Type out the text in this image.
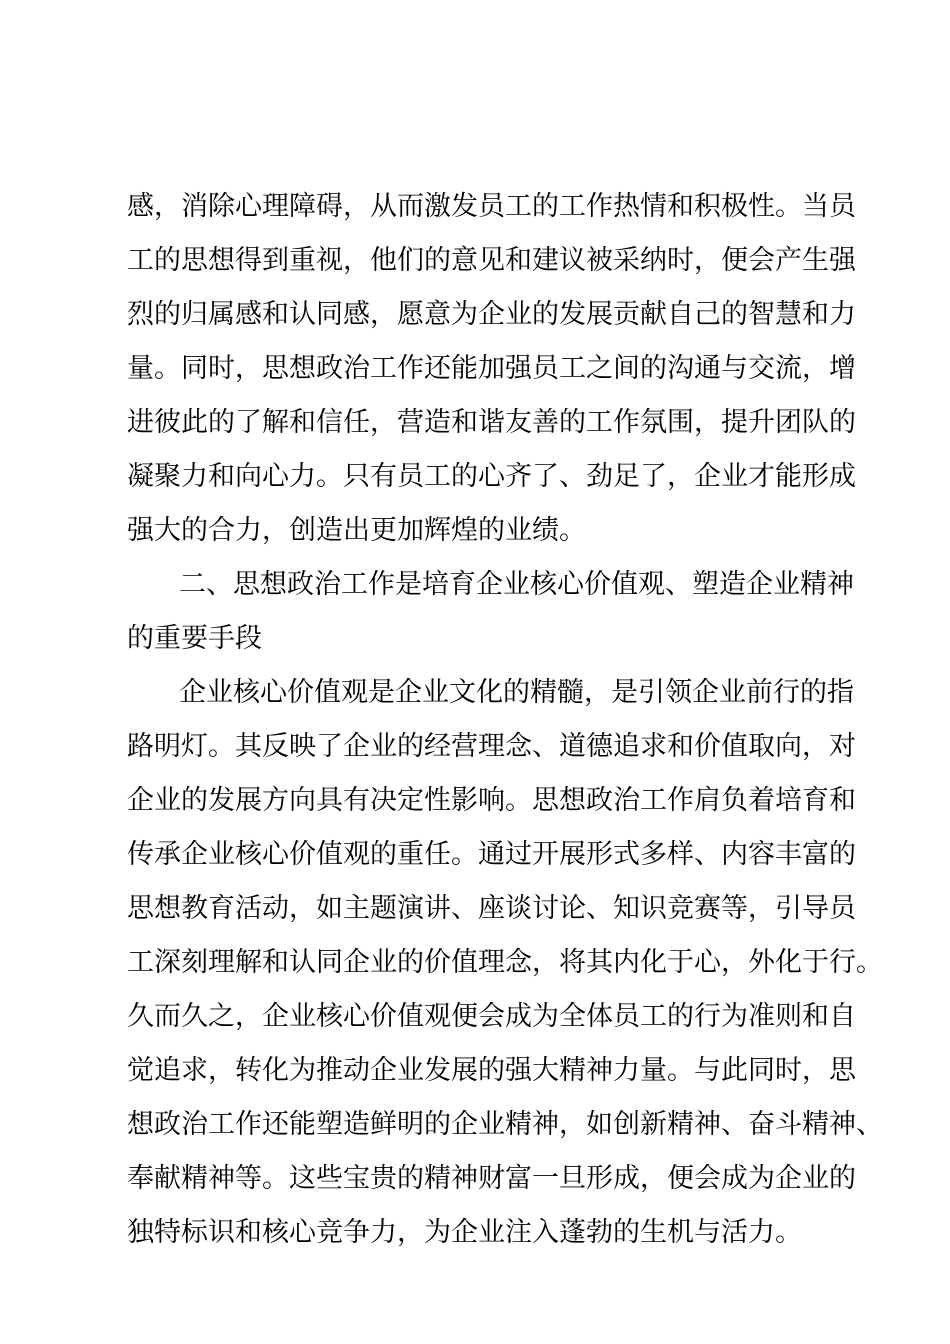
感，消除心理障碍，从而激发员工的工作热情和积极性。当员
工的思想得到重视，他们的意见和建议被采纳时，便会产生强
烈的归属感和认同感，愿意为企业的发展贡献自己的智慧和力
量。同时，思想政治工作还能加强员工之间的沟通与交流，增
进彼此的了解和信任，营造和谐友善的工作氛围，提升团队的
凝聚力和向心力。只有员工的心齐了、劲足了，企业才能形成
强大的合力，创造出更加辉煌的业绩。
二、思想政治工作是培育企业核心价值观、塑造企业精神
的重要手段
企业核心价值观是企业文化的精髓，是引领企业前行的指
路明灯。其反映了企业的经营理念、道德追求和价值取向，对
企业的发展方向具有决定性影响。思想政治工作肩负着培育和
传承企业核心价值观的重任。通过开展形式多样、内容丰富的
思想教育活动，如主题演讲、座谈讨论、知识竞赛等，引导员
工深刻理解和认同企业的价值理念，将其内化于心，外化于行。
久而久之，企业核心价值观便会成为全体员工的行为准则和自
觉追求，转化为推动企业发展的强大精神力量。与此同时，思
想政治工作还能塑造鲜明的企业精神，如创新精神、奋斗精神、
奉献精神等。这些宝贵的精神财富一旦形成，便会成为企业的
独特标识和核心竞争力，为企业注入蓬勃的生机与活力。
